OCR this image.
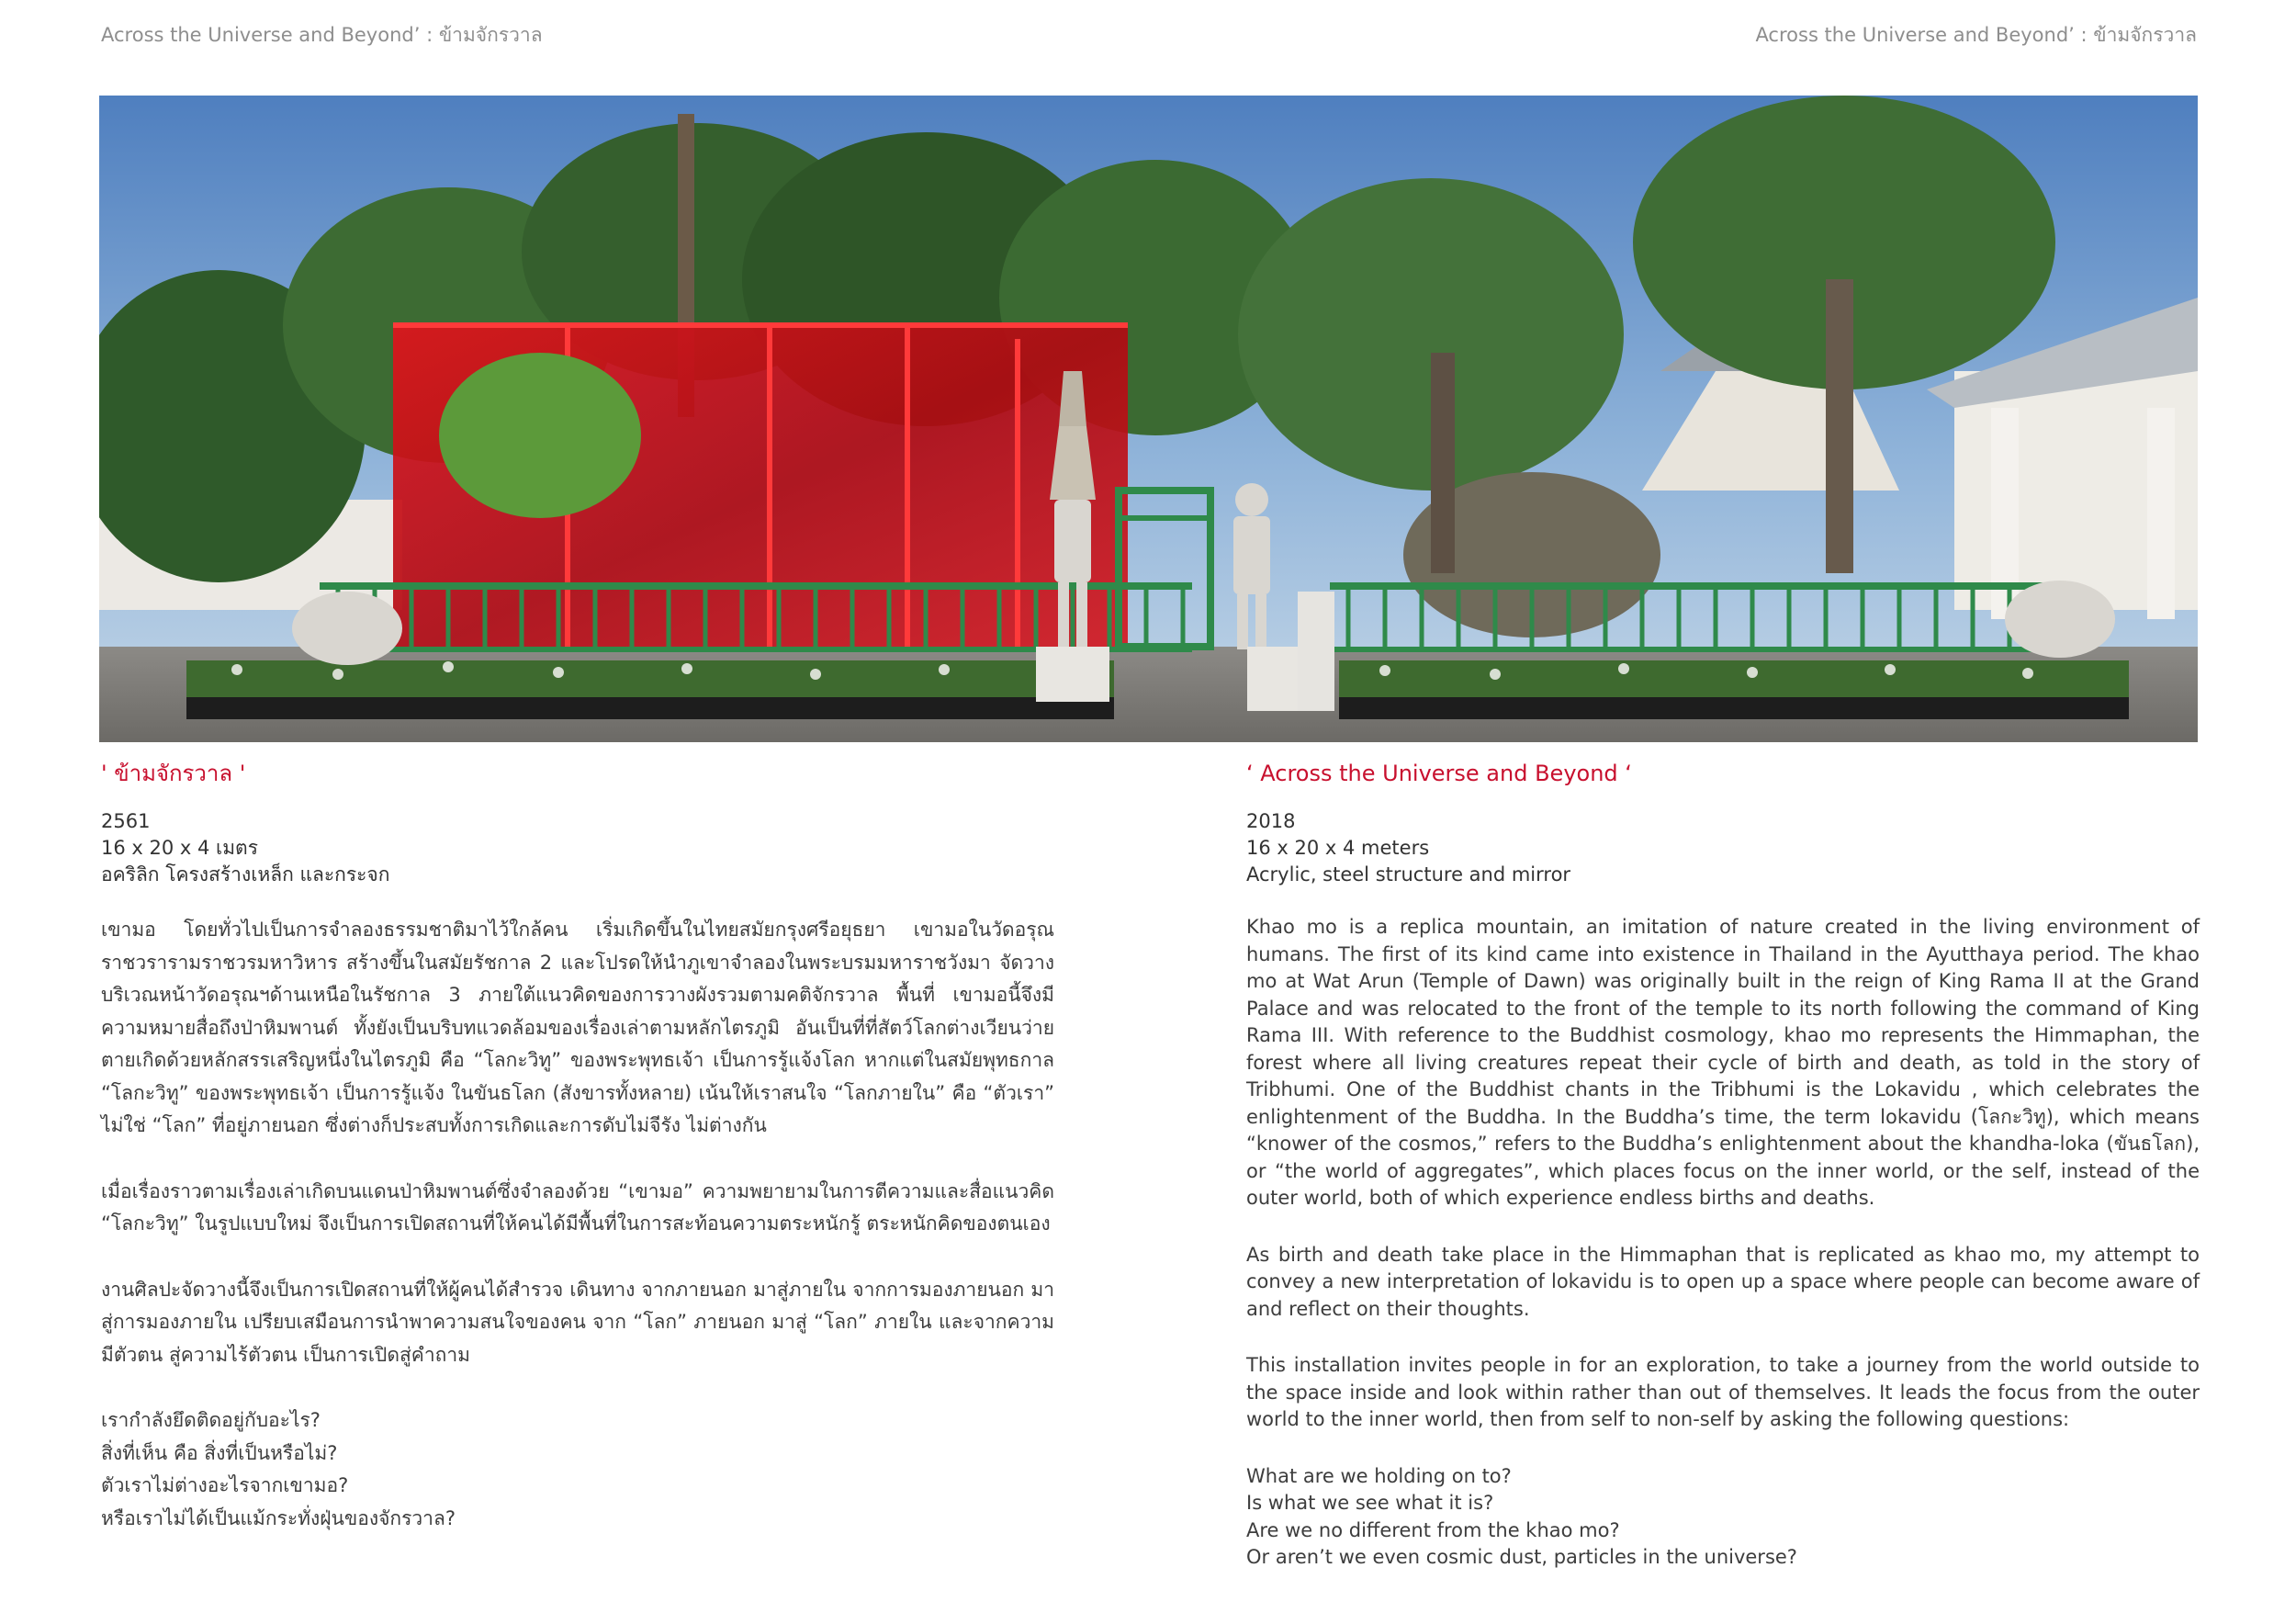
Across the Universe and Beyond’ : ข้ามจักรวาล	Across the Universe and Beyond’ : ข้ามจักรวาล
' ข้ามจักรวาล '
2561
16 x 20 x 4 เมตร
อคริลิก โครงสร้างเหล็ก และกระจก

เขามอ โดยทั่วไปเป็นการจำลองธรรมชาติมาไว้ใกล้คน เริ่มเกิดขึ้นในไทยสมัยกรุงศรีอยุธยา เขามอในวัดอรุณราชวรารามราชวรมหาวิหาร สร้างขึ้นในสมัยรัชกาล 2 และโปรดให้นำภูเขาจำลองในพระบรมมหาราชวังมา จัดวางบริเวณหน้าวัดอรุณฯด้านเหนือในรัชกาล 3 ภายใต้แนวคิดของการวางผังรวมตามคติจักรวาล พื้นที่ เขามอนี้จึงมีความหมายสื่อถึงป่าหิมพานต์ ทั้งยังเป็นบริบทแวดล้อมของเรื่องเล่าตามหลักไตรภูมิ อันเป็นที่ที่สัตว์โลกต่างเวียนว่ายตายเกิดด้วยหลักสรรเสริญหนึ่งในไตรภูมิ คือ “โลกะวิทู” ของพระพุทธเจ้า เป็นการรู้แจ้งโลก หากแต่ในสมัยพุทธกาล “โลกะวิทู” ของพระพุทธเจ้า เป็นการรู้แจ้ง ในขันธโลก (สังขารทั้งหลาย) เน้นให้เราสนใจ “โลกภายใน” คือ “ตัวเรา” ไม่ใช่ “โลก” ที่อยู่ภายนอก ซึ่งต่างก็ประสบทั้งการเกิดและการดับไม่จีรัง ไม่ต่างกัน

เมื่อเรื่องราวตามเรื่องเล่าเกิดบนแดนป่าหิมพานต์ซึ่งจำลองด้วย “เขามอ” ความพยายามในการตีความและสื่อแนวคิด “โลกะวิทู” ในรูปแบบใหม่ จึงเป็นการเปิดสถานที่ให้คนได้มีพื้นที่ในการสะท้อนความตระหนักรู้ ตระหนักคิดของตนเอง

งานศิลปะจัดวางนี้จึงเป็นการเปิดสถานที่ให้ผู้คนได้สำรวจ เดินทาง จากภายนอก มาสู่ภายใน จากการมองภายนอก มาสู่การมองภายใน เปรียบเสมือนการนำพาความสนใจของคน จาก “โลก” ภายนอก มาสู่ “โลก” ภายใน และจากความมีตัวตน สู่ความไร้ตัวตน เป็นการเปิดสู่คำถาม

เรากำลังยึดติดอยู่กับอะไร?
สิ่งที่เห็น คือ สิ่งที่เป็นหรือไม่?
ตัวเราไม่ต่างอะไรจากเขามอ?
หรือเราไม่ได้เป็นแม้กระทั่งฝุ่นของจักรวาล?
‘ Across the Universe and Beyond ‘
2018
16 x 20 x 4 meters
Acrylic, steel structure and mirror

Khao mo is a replica mountain, an imitation of nature created in the living environment of humans. The first of its kind came into existence in Thailand in the Ayutthaya period. The khao mo at Wat Arun (Temple of Dawn) was originally built in the reign of King Rama II at the Grand Palace and was relocated to the front of the temple to its north following the command of King Rama III. With reference to the Buddhist cosmology, khao mo represents the Himmaphan, the forest where all living creatures repeat their cycle of birth and death, as told in the story of Tribhumi. One of the Buddhist chants in the Tribhumi is the Lokavidu , which celebrates the enlightenment of the Buddha. In the Buddha’s time, the term lokavidu (โลกะวิทู), which means “knower of the cosmos,” refers to the Buddha’s enlightenment about the khandha-loka (ขันธโลก), or “the world of aggregates”, which places focus on the inner world, or the self, instead of the outer world, both of which experience endless births and deaths.

As birth and death take place in the Himmaphan that is replicated as khao mo, my attempt to convey a new interpretation of lokavidu is to open up a space where people can become aware of and reflect on their thoughts.

This installation invites people in for an exploration, to take a journey from the world outside to the space inside and look within rather than out of themselves. It leads the focus from the outer world to the inner world, then from self to non-self by asking the following questions:

What are we holding on to?
Is what we see what it is?
Are we no different from the khao mo?
Or aren’t we even cosmic dust, particles in the universe?
